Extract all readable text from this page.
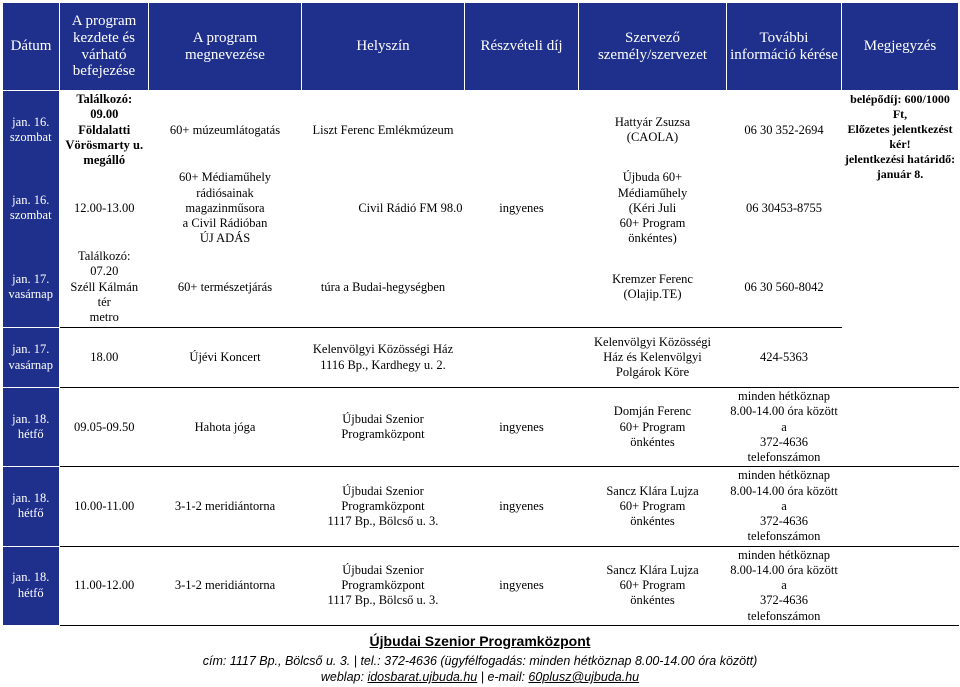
Dátum	A program kezdete és várható befejezése	A program megnevezése	Helyszín	Részvételi díj	Szervező személy/szervezet	További információ kérése	Megjegyzés
jan. 16.
szombat	Találkozó:
09.00
Földalatti
Vörösmarty u.
megálló	60+ múzeumlátogatás	Liszt Ferenc Emlékmúzeum		Hattyár Zsuzsa
(CAOLA)	06 30 352-2694	belépődíj: 600/1000 Ft,
Előzetes jelentkezést
kér!
jelentkezési határidő:
január 8.
jan. 16.
szombat	12.00-13.00	60+ Médiaműhely
rádiósainak
magazinműsora
a Civil Rádióban
ÚJ ADÁS	Civil Rádió FM 98.0	ingyenes	Újbuda 60+
Médiaműhely
(Kéri Juli
60+ Program
önkéntes)	06 30453-8755	
jan. 17.
vasárnap	Találkozó:
07.20
Széll Kálmán
tér
metro	60+ természetjárás	túra a Budai-hegységben		Kremzer Ferenc
(Olajip.TE)	06 30 560-8042	
jan. 17.
vasárnap	18.00	Újévi Koncert	Kelenvölgyi Közösségi Ház
1116 Bp., Kardhegy u. 2.		Kelenvölgyi Közösségi
Ház és Kelenvölgyi
Polgárok Köre	424-5363	
jan. 18.
hétfő	09.05-09.50	Hahota jóga	Újbudai Szenior
Programközpont	ingyenes	Domján Ferenc
60+ Program
önkéntes	minden hétköznap
8.00-14.00 óra között a
372-4636
telefonszámon	
jan. 18.
hétfő	10.00-11.00	3-1-2 meridiántorna	Újbudai Szenior
Programközpont
1117 Bp., Bölcső u. 3.	ingyenes	Sancz Klára Lujza
60+ Program
önkéntes	minden hétköznap
8.00-14.00 óra között a
372-4636
telefonszámon	
jan. 18.
hétfő	11.00-12.00	3-1-2 meridiántorna	Újbudai Szenior
Programközpont
1117 Bp., Bölcső u. 3.	ingyenes	Sancz Klára Lujza
60+ Program
önkéntes	minden hétköznap
8.00-14.00 óra között a
372-4636
telefonszámon	
Újbudai Szenior Programközpont
cím: 1117 Bp., Bölcső u. 3. | tel.: 372-4636 (ügyfélfogadás: minden hétköznap 8.00-14.00 óra között)
weblap: idosbarat.ujbuda.hu | e-mail: 60plusz@ujbuda.hu
